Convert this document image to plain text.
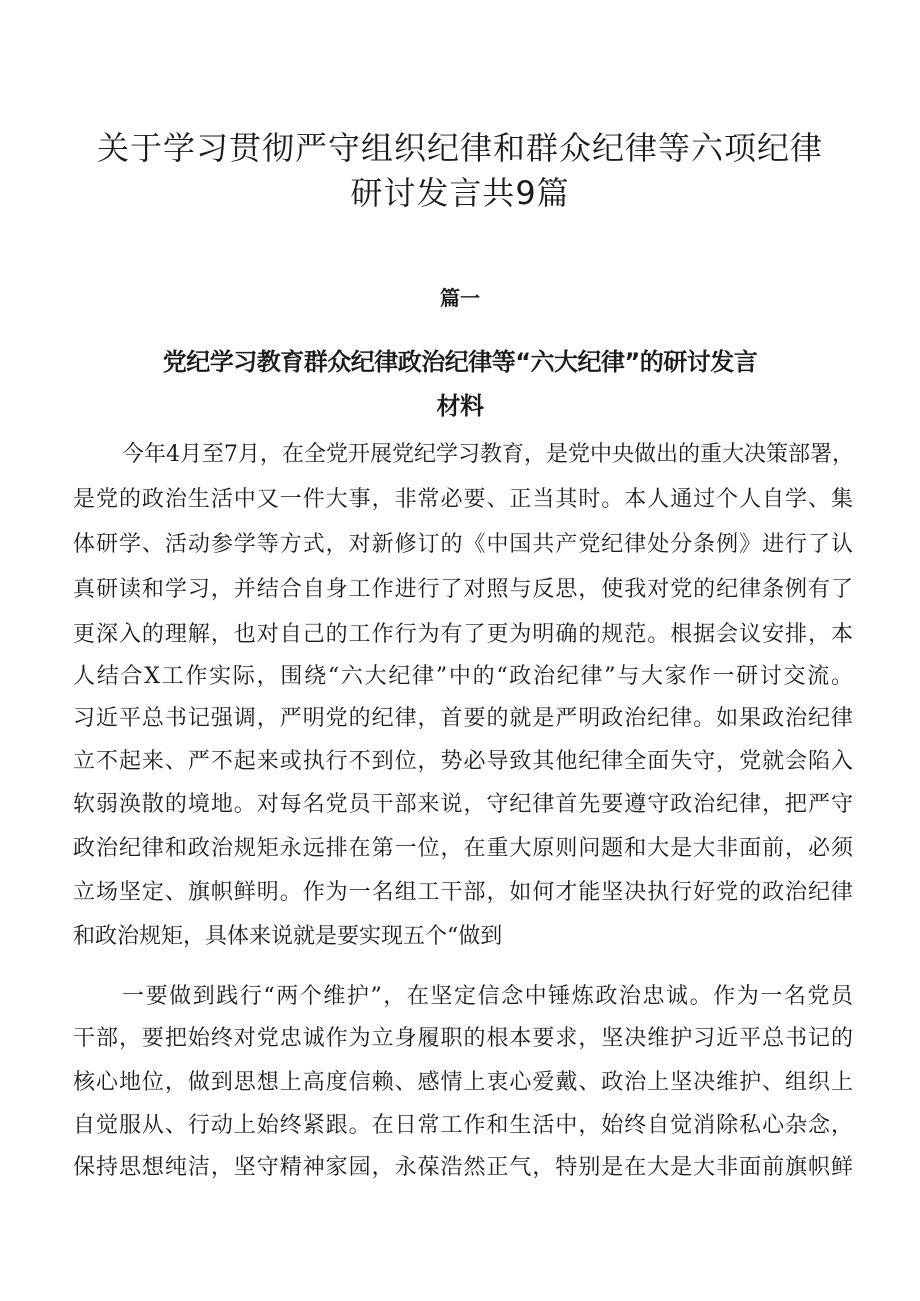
关于学习贯彻严守组织纪律和群众纪律等六项纪律
研讨发言共9篇
篇一
党纪学习教育群众纪律政治纪律等“六大纪律”的研讨发言
材料

今年4月至7月，在全党开展党纪学习教育，是党中央做出的重大决策部署，

是党的政治生活中又一件大事，非常必要、正当其时。本人通过个人自学、集

体研学、活动参学等方式，对新修订的《中国共产党纪律处分条例》进行了认

真研读和学习，并结合自身工作进行了对照与反思，使我对党的纪律条例有了

更深入的理解，也对自己的工作行为有了更为明确的规范。根据会议安排，本

人结合X工作实际，围绕“六大纪律”中的“政治纪律”与大家作一研讨交流。

习近平总书记强调，严明党的纪律，首要的就是严明政治纪律。如果政治纪律

立不起来、严不起来或执行不到位，势必导致其他纪律全面失守，党就会陷入

软弱涣散的境地。对每名党员干部来说，守纪律首先要遵守政治纪律，把严守

政治纪律和政治规矩永远排在第一位，在重大原则问题和大是大非面前，必须

立场坚定、旗帜鲜明。作为一名组工干部，如何才能坚决执行好党的政治纪律

和政治规矩，具体来说就是要实现五个“做到

一要做到践行“两个维护”，在坚定信念中锤炼政治忠诚。作为一名党员

干部，要把始终对党忠诚作为立身履职的根本要求，坚决维护习近平总书记的

核心地位，做到思想上高度信赖、感情上衷心爱戴、政治上坚决维护、组织上

自觉服从、行动上始终紧跟。在日常工作和生活中，始终自觉消除私心杂念，

保持思想纯洁，坚守精神家园，永葆浩然正气，特别是在大是大非面前旗帜鲜
